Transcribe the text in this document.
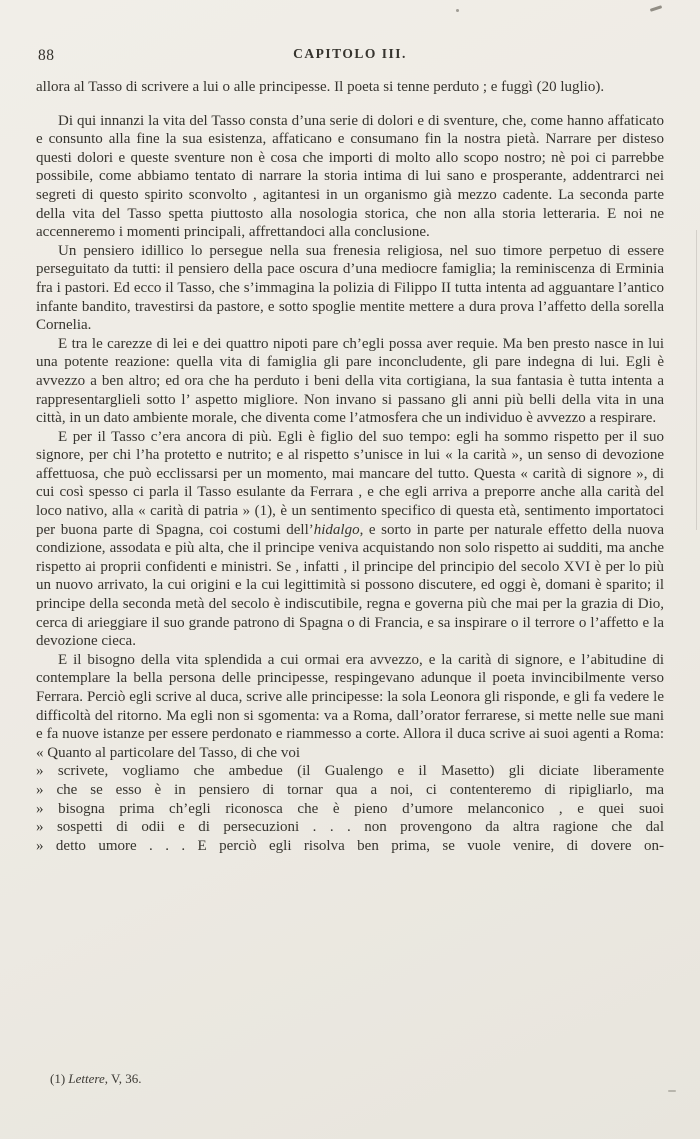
88	CAPITOLO III.

allora al Tasso di scrivere a lui o alle principesse. Il poeta si tenne perduto ; e fuggì (20 luglio).

Di qui innanzi la vita del Tasso consta d’una serie di dolori e di sventure, che, come hanno affaticato e consunto alla fine la sua esistenza, affaticano e consumano fin la nostra pietà. Narrare per disteso questi dolori e queste sventure non è cosa che importi di molto allo scopo nostro; nè poi ci parrebbe possibile, come abbiamo tentato di narrare la storia intima di lui sano e prosperante, addentrarci nei segreti di questo spirito sconvolto , agitantesi in un organismo già mezzo cadente. La seconda parte della vita del Tasso spetta piuttosto alla nosologia storica, che non alla storia letteraria. E noi ne accenneremo i momenti principali, affrettandoci alla conclusione.

Un pensiero idillico lo persegue nella sua frenesia religiosa, nel suo timore perpetuo di essere perseguitato da tutti: il pensiero della pace oscura d’una mediocre famiglia; la reminiscenza di Erminia fra i pastori. Ed ecco il Tasso, che s’immagina la polizia di Filippo II tutta intenta ad agguantare l’antico infante bandito, travestirsi da pastore, e sotto spoglie mentite mettere a dura prova l’affetto della sorella Cornelia.

E tra le carezze di lei e dei quattro nipoti pare ch’egli possa aver requie. Ma ben presto nasce in lui una potente reazione: quella vita di famiglia gli pare inconcludente, gli pare indegna di lui. Egli è avvezzo a ben altro; ed ora che ha perduto i beni della vita cortigiana, la sua fantasia è tutta intenta a rappresentarglieli sotto l’ aspetto migliore. Non invano si passano gli anni più belli della vita in una città, in un dato ambiente morale, che diventa come l’atmosfera che un individuo è avvezzo a respirare.

E per il Tasso c’era ancora di più. Egli è figlio del suo tempo: egli ha sommo rispetto per il suo signore, per chi l’ha protetto e nutrito; e al rispetto s’unisce in lui « la carità », un senso di devozione affettuosa, che può ecclissarsi per un momento, mai mancare del tutto. Questa « carità di signore », di cui così spesso ci parla il Tasso esulante da Ferrara , e che egli arriva a preporre anche alla carità del loco nativo, alla « carità di patria » (1), è un sentimento specifico di questa età, sentimento importatoci per buona parte di Spagna, coi costumi dell’hidalgo, e sorto in parte per naturale effetto della nuova condizione, assodata e più alta, che il principe veniva acquistando non solo rispetto ai sudditi, ma anche rispetto ai proprii confidenti e ministri. Se , infatti , il principe del principio del secolo XVI è per lo più un nuovo arrivato, la cui origini e la cui legittimità si possono discutere, ed oggi è, domani è sparito; il principe della seconda metà del secolo è indiscutibile, regna e governa più che mai per la grazia di Dio, cerca di arieggiare il suo grande patrono di Spagna o di Francia, e sa inspirare o il terrore o l’affetto e la devozione cieca.

E il bisogno della vita splendida a cui ormai era avvezzo, e la carità di signore, e l’abitudine di contemplare la bella persona delle principesse, respingevano adunque il poeta invincibilmente verso Ferrara. Perciò egli scrive al duca, scrive alle principesse: la sola Leonora gli risponde, e gli fa vedere le difficoltà del ritorno. Ma egli non si sgomenta: va a Roma, dall’orator ferrarese, si mette nelle sue mani e fa nuove istanze per essere perdonato e riammesso a corte. Allora il duca scrive ai suoi agenti a Roma: « Quanto al particolare del Tasso, di che voi

» scrivete, vogliamo che ambedue (il Gualengo e il Masetto) gli diciate liberamente
» che se esso è in pensiero di tornar qua a noi, ci contenteremo di ripigliarlo, ma
» bisogna prima ch’egli riconosca che è pieno d’umore melanconico , e quei suoi
» sospetti di odii e di persecuzioni . . . non provengono da altra ragione che dal
» detto umore . . . E perciò egli risolva ben prima, se vuole venire, di dovere on-
(1) Lettere, V, 36.
